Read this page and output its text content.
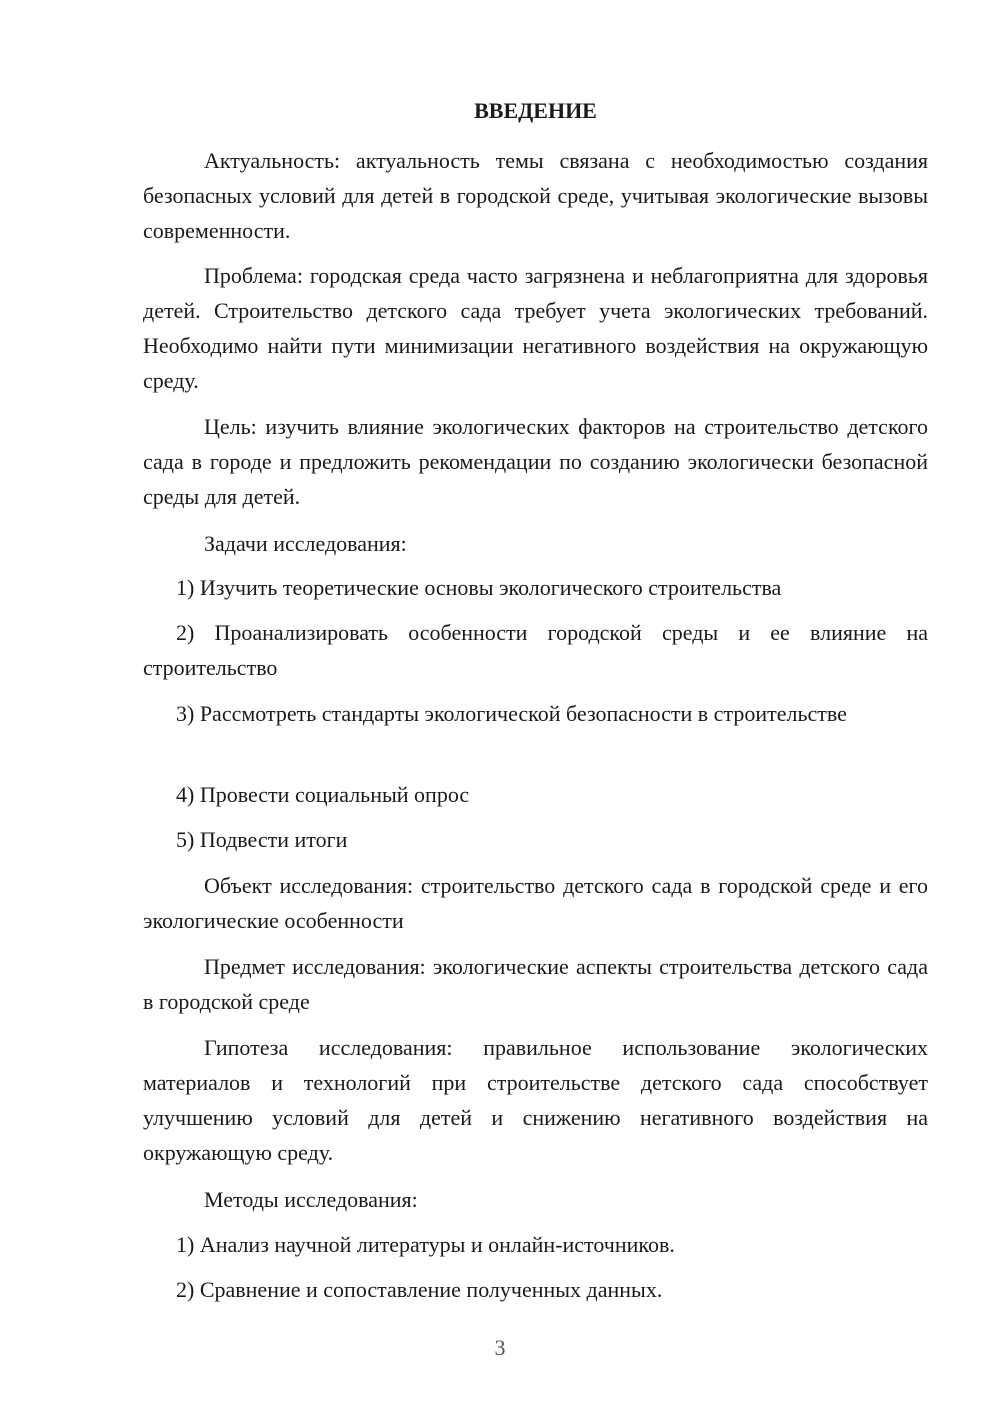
ВВЕДЕНИЕ

Актуальность: актуальность темы связана с необходимостью создания безопасных условий для детей в городской среде, учитывая экологические вызовы современности.

Проблема: городская среда часто загрязнена и неблагоприятна для здоровья детей. Строительство детского сада требует учета экологических требований. Необходимо найти пути минимизации негативного воздействия на окружающую среду.

Цель: изучить влияние экологических факторов на строительство детского сада в городе и предложить рекомендации по созданию экологически безопасной среды для детей.

Задачи исследования:

1) Изучить теоретические основы экологического строительства

2) Проанализировать особенности городской среды и ее влияние на строительство

3) Рассмотреть стандарты экологической безопасности в строительстве

4) Провести социальный опрос

5) Подвести итоги

Объект исследования: строительство детского сада в городской среде и его экологические особенности

Предмет исследования: экологические аспекты строительства детского сада в городской среде

Гипотеза исследования: правильное использование экологических материалов и технологий при строительстве детского сада способствует улучшению условий для детей и снижению негативного воздействия на окружающую среду.

Методы исследования:

1) Анализ научной литературы и онлайн-источников.

2) Сравнение и сопоставление полученных данных.

3
